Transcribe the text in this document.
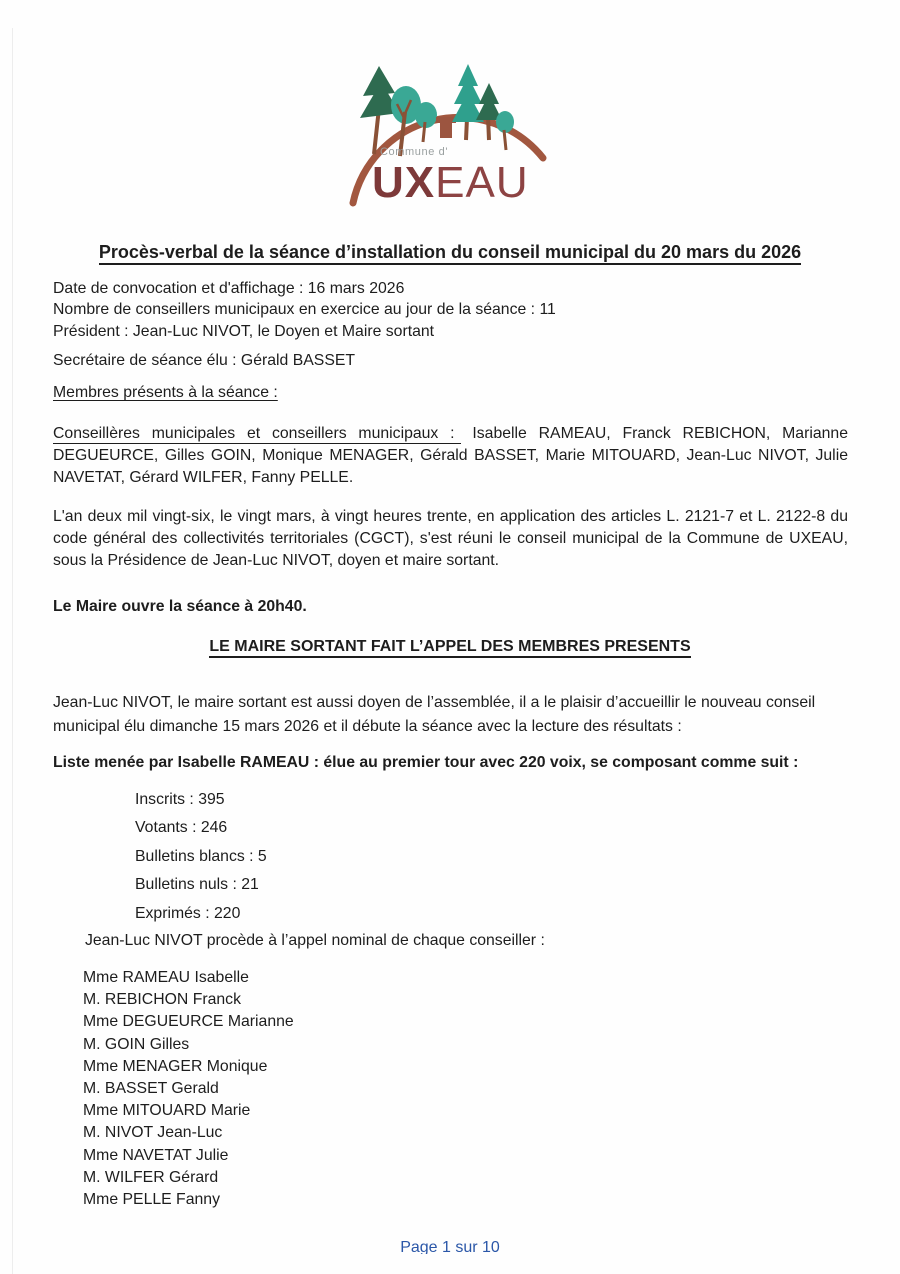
Commune d'
UXEAU
Procès-verbal de la séance d’installation du conseil municipal du 20 mars du 2026
Date de convocation et d'affichage : 16 mars 2026
Nombre de conseillers municipaux en exercice au jour de la séance : 11
Président : Jean-Luc NIVOT, le Doyen et Maire sortant
Secrétaire de séance élu : Gérald BASSET
Membres présents à la séance :
Conseillères municipales et conseillers municipaux : Isabelle RAMEAU, Franck REBICHON, Marianne DEGUEURCE, Gilles GOIN, Monique MENAGER, Gérald BASSET, Marie MITOUARD, Jean-Luc NIVOT, Julie NAVETAT, Gérard WILFER, Fanny PELLE.
L'an deux mil vingt-six, le vingt mars, à vingt heures trente, en application des articles L. 2121-7 et L. 2122-8 du code général des collectivités territoriales (CGCT), s'est réuni le conseil municipal de la Commune de UXEAU, sous la Présidence de Jean-Luc NIVOT, doyen et maire sortant.
Le Maire ouvre la séance à 20h40.
LE MAIRE SORTANT FAIT L’APPEL DES MEMBRES PRESENTS
Jean-Luc NIVOT, le maire sortant est aussi doyen de l’assemblée, il a le plaisir d’accueillir le nouveau conseil municipal élu dimanche 15 mars 2026 et il débute la séance avec la lecture des résultats :
Liste menée par Isabelle RAMEAU : élue au premier tour avec 220 voix, se composant comme suit :
Inscrits : 395
Votants : 246
Bulletins blancs : 5
Bulletins nuls : 21
Exprimés : 220
Jean-Luc NIVOT procède à l’appel nominal de chaque conseiller :
Mme RAMEAU Isabelle
M. REBICHON Franck
Mme DEGUEURCE Marianne
M. GOIN Gilles
Mme MENAGER Monique
M. BASSET Gerald
Mme MITOUARD Marie
M. NIVOT Jean-Luc
Mme NAVETAT Julie
M. WILFER Gérard
Mme PELLE Fanny
Page 1 sur 10
